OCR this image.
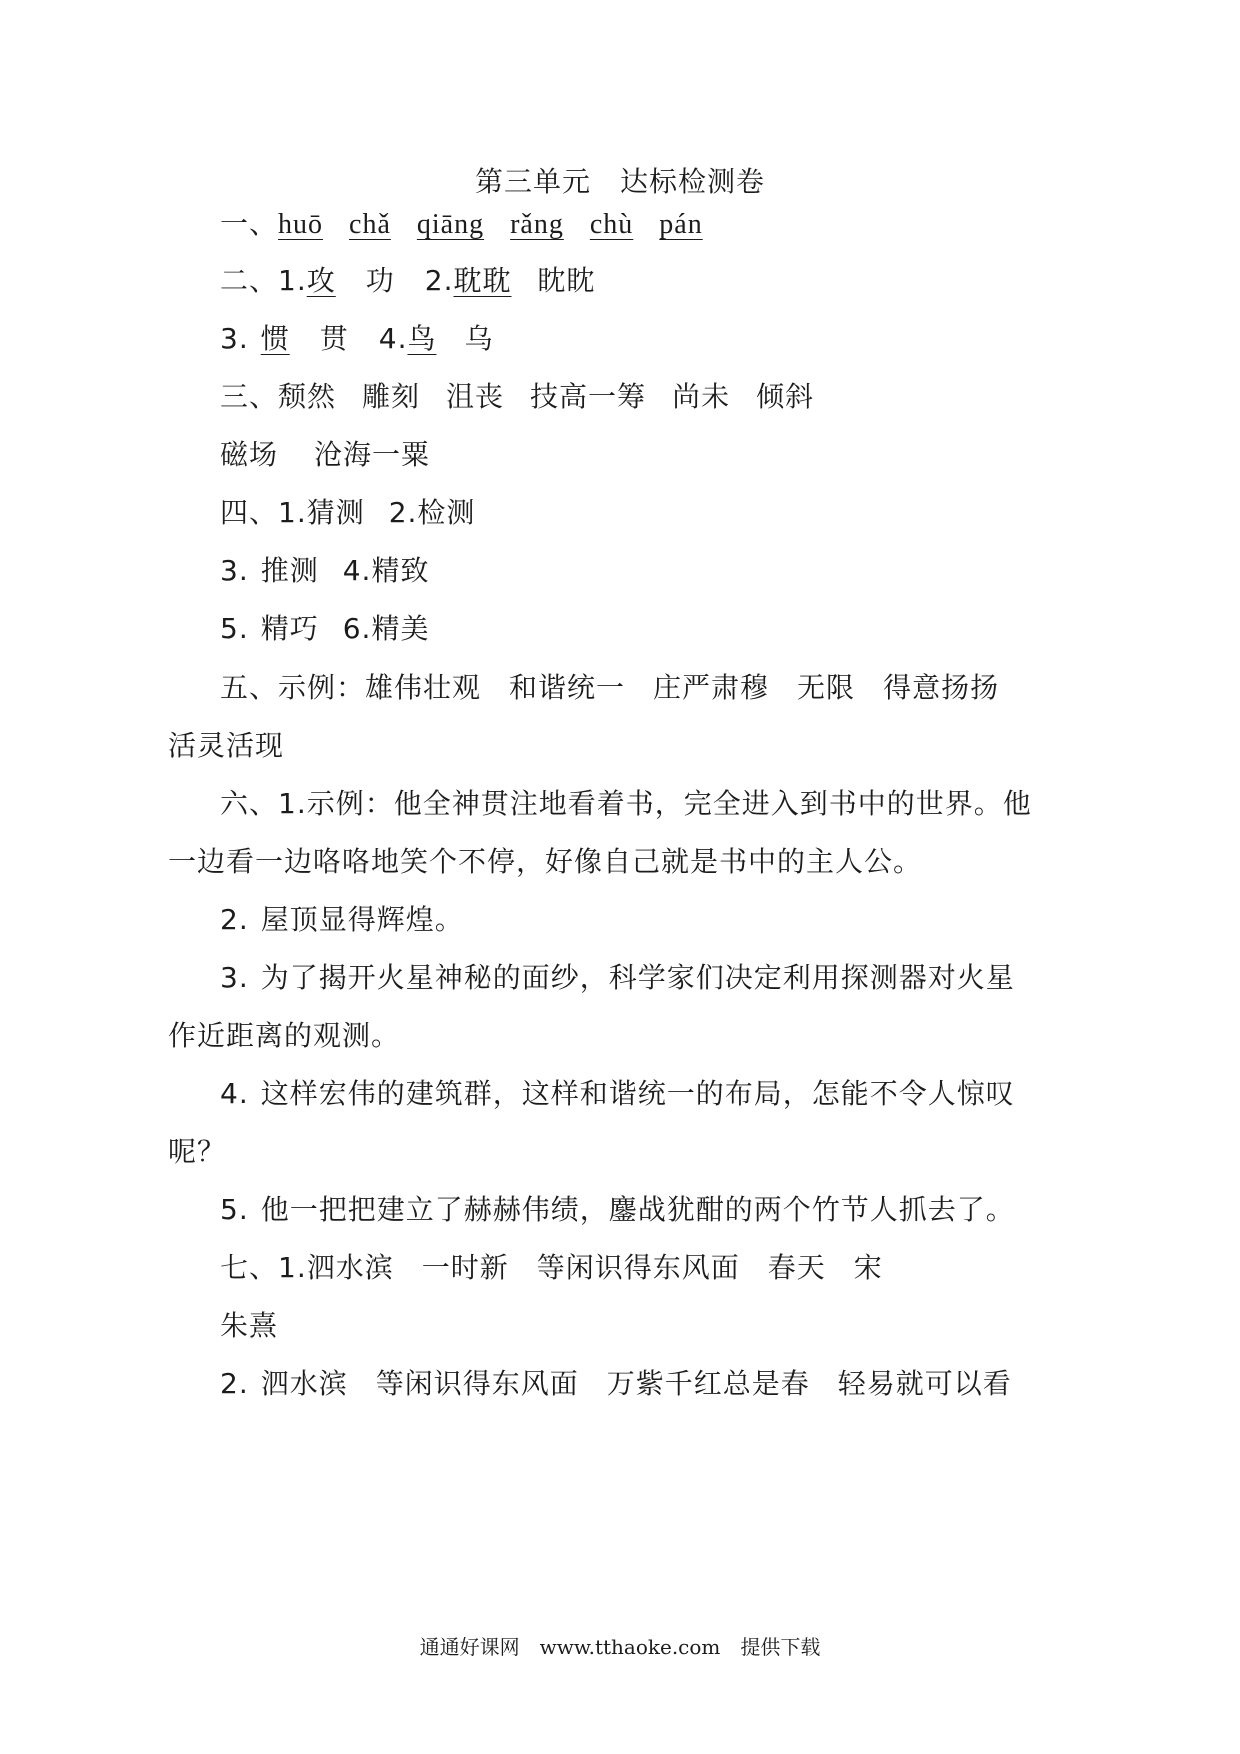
第三单元　达标检测卷
一、huō chǎ qiāng rǎng chù pán
二、1.攻 功 2.耽耽 眈眈
3. 惯 贯 4.鸟 乌
三、颓然 雕刻 沮丧 技高一筹 尚未 倾斜
磁场 沧海一粟
四、1.猜测 2.检测
3. 推测 4.精致
5. 精巧 6.精美
五、示例：雄伟壮观 和谐统一 庄严肃穆 无限 得意扬扬
活灵活现
六、1.示例：他全神贯注地看着书，完全进入到书中的世界。他
一边看一边咯咯地笑个不停，好像自己就是书中的主人公。
2. 屋顶显得辉煌。
3. 为了揭开火星神秘的面纱，科学家们决定利用探测器对火星
作近距离的观测。
4. 这样宏伟的建筑群，这样和谐统一的布局，怎能不令人惊叹
呢？
5. 他一把把建立了赫赫伟绩，鏖战犹酣的两个竹节人抓去了。
七、1.泗水滨 一时新 等闲识得东风面 春天 宋
朱熹
2. 泗水滨 等闲识得东风面 万紫千红总是春 轻易就可以看
通通好课网　www.tthaoke.com　提供下载
